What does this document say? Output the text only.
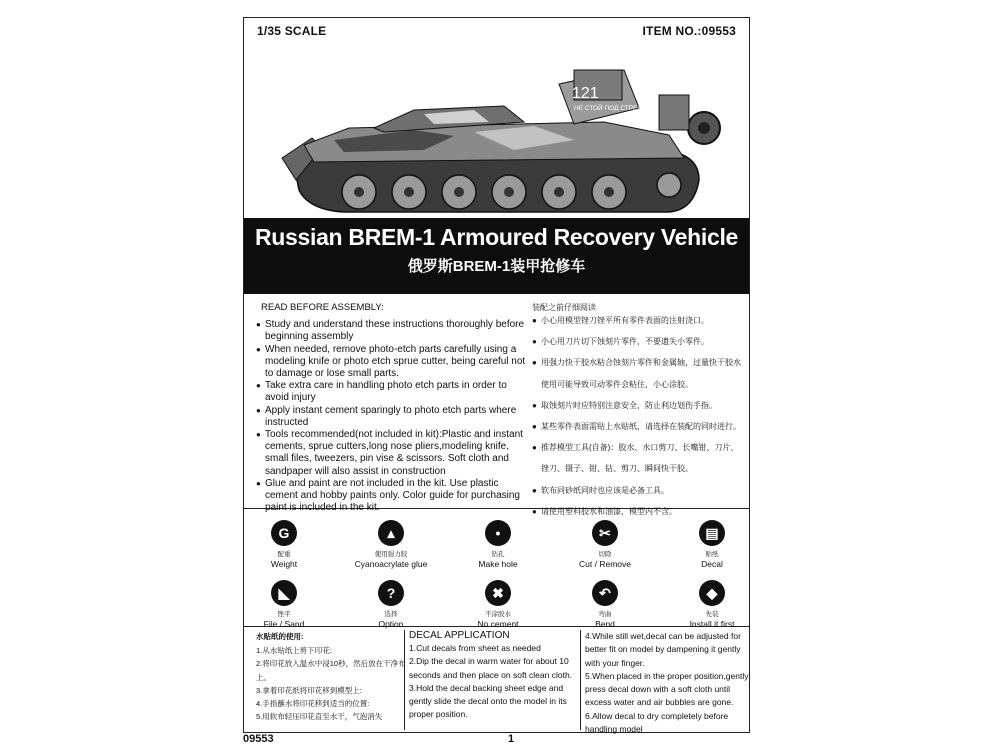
1/35 SCALE	ITEM NO.:09553
121
НЕ СТОЙ ПОД СТРЕЛОЙ!
Russian BREM-1 Armoured Recovery Vehicle
俄罗斯BREM-1装甲抢修车
READ BEFORE ASSEMBLY:
● Study and understand these instructions thoroughly before beginning assembly
● When needed, remove photo-etch parts carefully using a modeling knife or photo etch sprue cutter, being careful not to damage or lose small parts.
● Take extra care in handling photo etch parts in order to avoid injury
● Apply instant cement sparingly to photo etch parts where instructed
● Tools recommended(not included in kit):Plastic and instant cements, sprue cutters,long nose pliers,modeling knife, small files, tweezers, pin vise & scissors. Soft cloth and sandpaper will also assist in construction
● Glue and paint are not included in the kit. Use plastic cement and hobby paints only. Color guide for purchasing paint is included in the kit.
装配之前仔细阅读
● 小心用模型锉刀锉平所有零件表面的注射浇口。
● 小心用刀片切下蚀刻片零件，不要遗失小零件。
● 用强力快干胶水粘合蚀刻片零件和金属轴，过量快干胶水使用可能导致可动零件会粘住，小心涂胶。
● 取蚀刻片时应特别注意安全，防止利边划伤手指。
● 某些零件表面需贴上水贴纸，请选择在装配的同时进行。
● 推荐模型工具(自备)：胶水、水口剪刀、长嘴钳、刀片、锉刀、镊子、钳、钻、剪刀、瞬间快干胶。
● 软布同砂纸同时也应该是必备工具。
● 请使用塑料胶水和油漆，模型内不含。
G
配重
Weight
▴
使用强力胶
Cyanoacrylate glue
•
钻孔
Make hole
✂
切除
Cut / Remove
▤
贴纸
Decal
◣
锉平
File / Sand
?
选择
Option
✖
不涂胶水
No cement
↶
弯曲
Bend
◆
先装
Install it first
水贴纸的使用:
1.从水贴纸上剪下印花:
2.将印花放入温水中浸10秒，然后放在干净布上。
3.拿着印花纸将印花移到模型上:
4.手指蘸水将印花移到适当的位置:
5.用软布轻压印花直至水干，气泡消失
DECAL APPLICATION
1.Cut decals from sheet as needed
2.Dip the decal in warm water for about 10 seconds and then place on soft clean cloth.
3.Hold the decal backing sheet edge and gently slide the decal onto the model in its proper position.
4.While still wet,decal can be adjusted for better fit on model by dampening it gently with your finger.
5.When placed in the proper position,gently press decal down with a soft cloth until excess water and air bubbles are gone.
6.Allow decal to dry completely before handling model
09553	1
